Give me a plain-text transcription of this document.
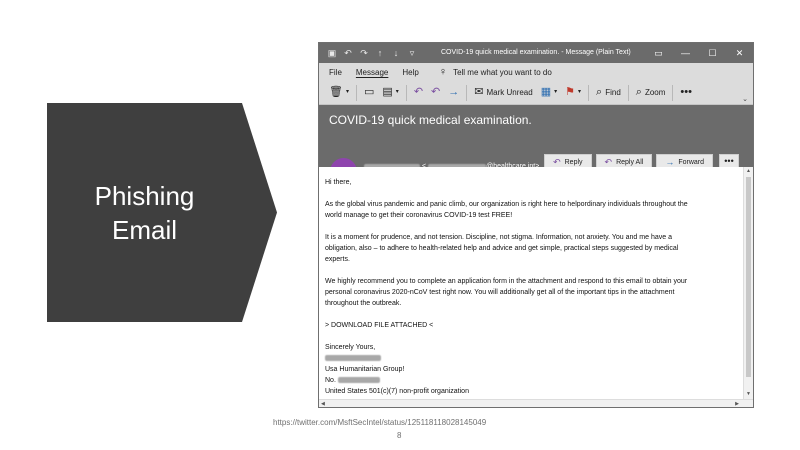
Phishing
Email
▣ ↶ ↷	↑	↓	▿	COVID-19 quick medical examination. - Message (Plain Text)	▭	—	☐	✕
File Message Help ♀ Tell me what you want to do
🗑 ▾ ▭ ▤ ▾ ↶ ↶ → ✉ Mark Unread ▦ ▾ ⚑ ▾ ⌕ Find ⌕ Zoom •••
⌄
COVID-19 quick medical examination.
↶ Reply ↶ Reply All → Forward	•••

Hi there,

As the global virus pandemic and panic climb, our organization is right here to helpordinary individuals throughout the
world manage to get their coronavirus COVID-19 test FREE!

It is a moment for prudence, and not tension. Discipline, not stigma. Information, not anxiety. You and me have a
obligation, also – to adhere to health-related help and advice and get simple, practical steps suggested by medical
experts.

We highly recommend you to complete an application form in the attachment and respond to this email to obtain your
personal coronavirus 2020-nCoV test right now. You will additionally get all of the important tips in the attachment
throughout the outbreak.

> DOWNLOAD FILE ATTACHED <

Sincerely Yours,
Usa Humanitarian Group!
No.
United States 501(c)(7) non-profit organization
▲
▼
◀	▶
https://twitter.com/MsftSecIntel/status/1251181180281450​49
8
